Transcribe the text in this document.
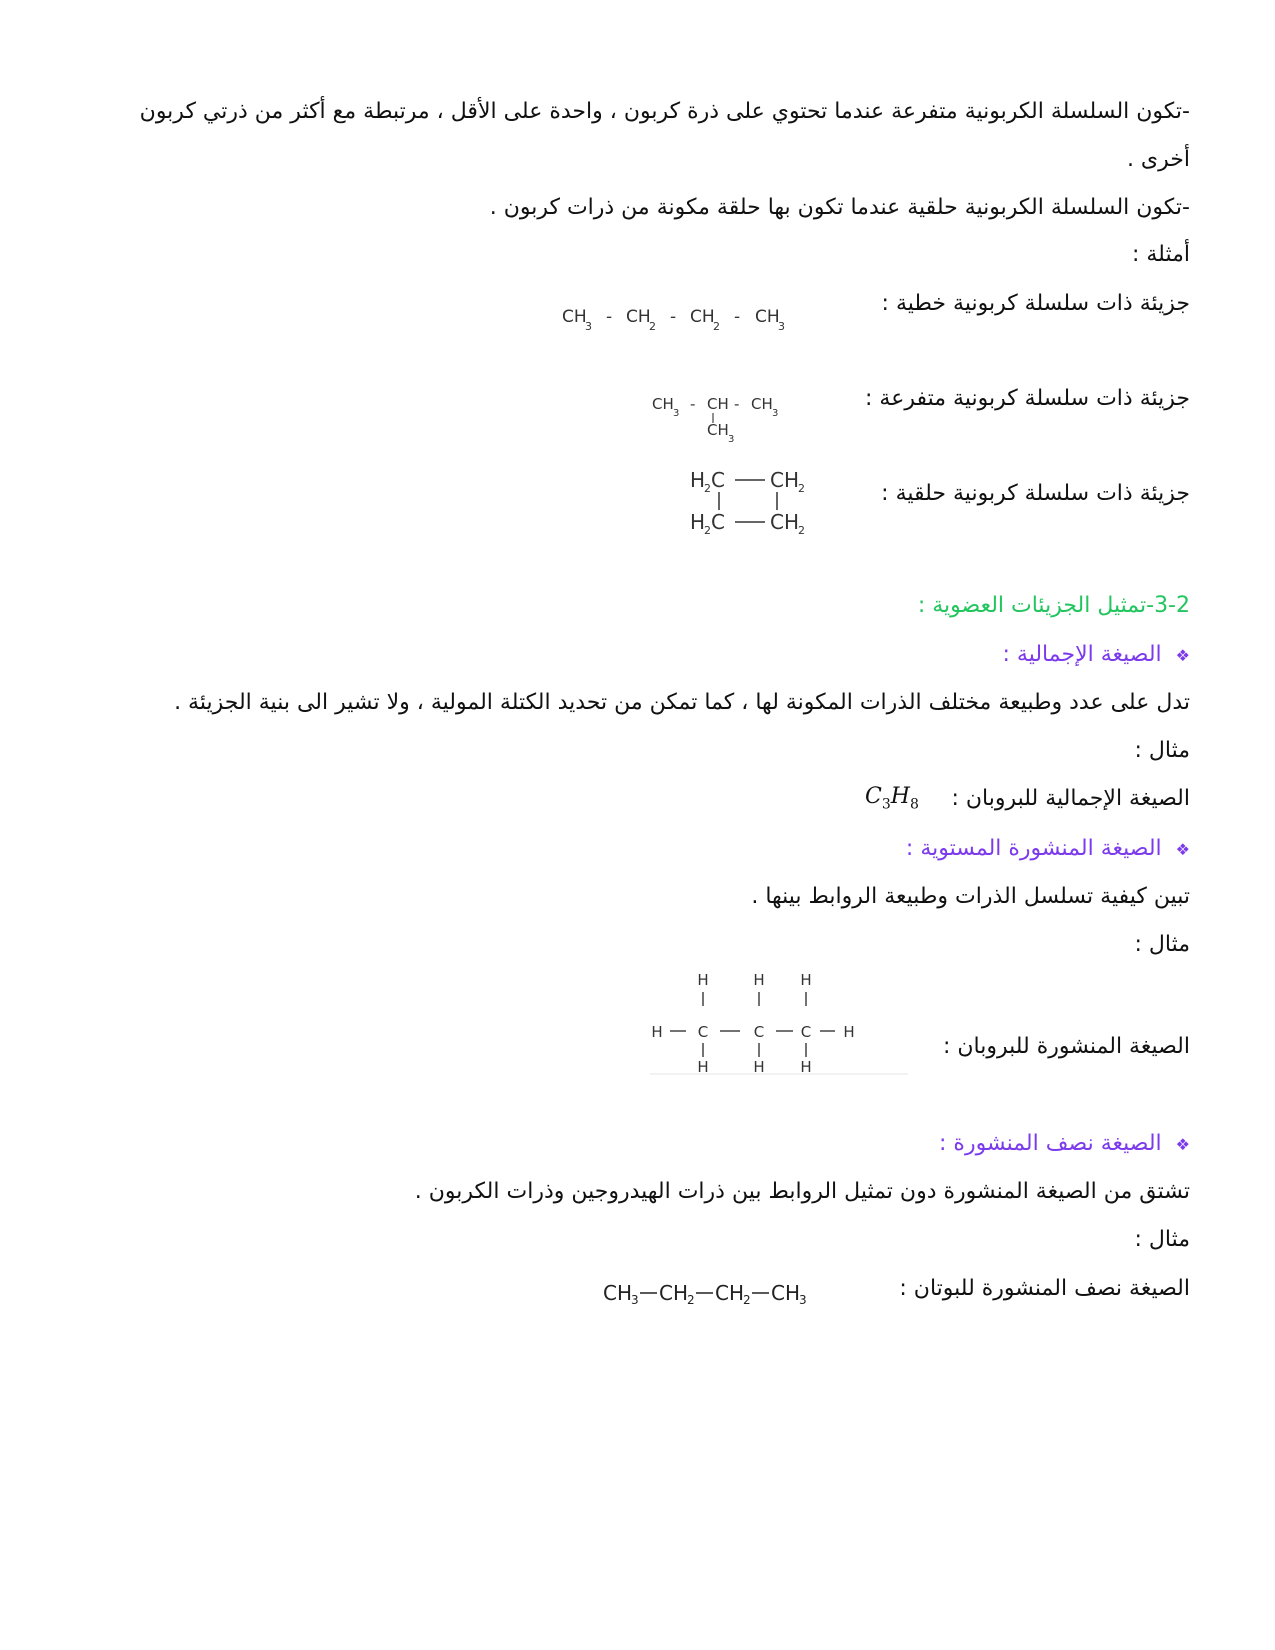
-تكون السلسلة الكربونية متفرعة عندما تحتوي على ذرة كربون ، واحدة على الأقل ، مرتبطة مع أكثر من ذرتي كربون
أخرى .
-تكون السلسلة الكربونية حلقية عندما تكون بها حلقة مكونة من ذرات كربون .
أمثلة :
جزيئة ذات سلسلة كربونية خطية :
CH
3 - CH
2 - CH
2 - CH
3
جزيئة ذات سلسلة كربونية متفرعة :
CH
3
- CH - CH
3
CH
3
جزيئة ذات سلسلة كربونية حلقية :
H
2 C CH
2
H
2 C CH
2
3-2-تمثيل الجزيئات العضوية :
❖الصيغة الإجمالية :
تدل على عدد وطبيعة مختلف الذرات المكونة لها ، كما تمكن من تحديد الكتلة المولية ، ولا تشير الى بنية الجزيئة .
مثال :
الصيغة الإجمالية للبروبان :
$C_3H_8$
❖الصيغة المنشورة المستوية :
تبين كيفية تسلسل الذرات وطبيعة الروابط بينها .
مثال :
الصيغة المنشورة للبروبان :
H
C
H
H
C
H
H
C
H
H	H
❖الصيغة نصف المنشورة :
تشتق من الصيغة المنشورة دون تمثيل الروابط بين ذرات الهيدروجين وذرات الكربون .
مثال :
الصيغة نصف المنشورة للبوتان :
CH
3 CH
2 CH
2 CH
3
